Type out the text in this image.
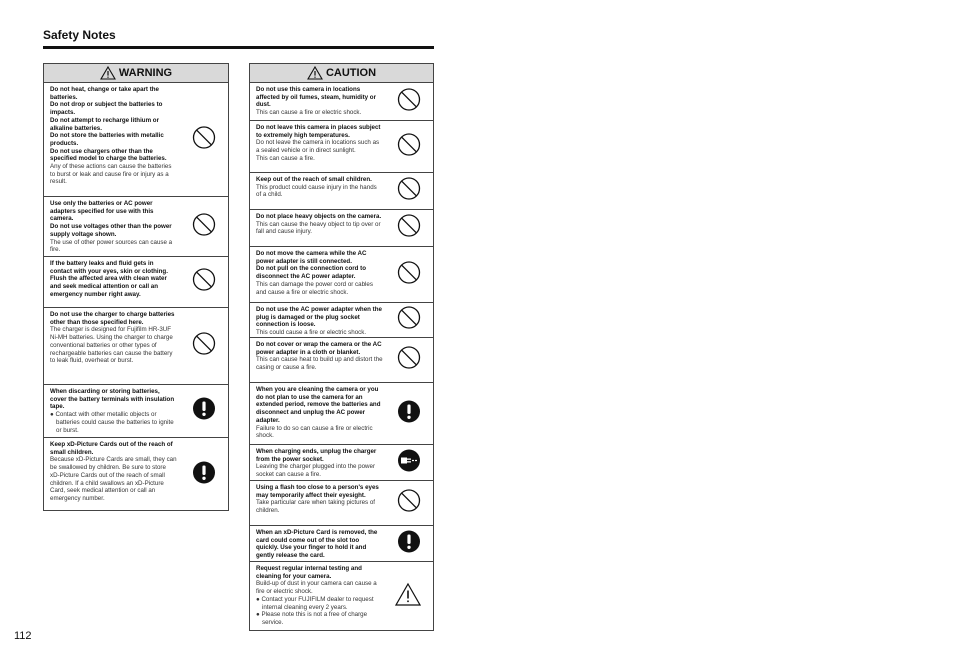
Safety Notes
WARNING
Do not heat, change or take apart the batteries.
Do not drop or subject the batteries to impacts.
Do not attempt to recharge lithium or alkaline batteries.
Do not store the batteries with metallic products.
Do not use chargers other than the specified model to charge the batteries.
Any of these actions can cause the batteries to burst or leak and cause fire or injury as a result.
Use only the batteries or AC power adapters specified for use with this camera.
Do not use voltages other than the power supply voltage shown.
The use of other power sources can cause a fire.
If the battery leaks and fluid gets in contact with your eyes, skin or clothing. Flush the affected area with clean water and seek medical attention or call an emergency number right away.
Do not use the charger to charge batteries other than those specified here.
The charger is designed for Fujifilm HR-3UF Ni-MH batteries. Using the charger to charge conventional batteries or other types of rechargeable batteries can cause the battery to leak fluid, overheat or burst.
When discarding or storing batteries, cover the battery terminals with insulation tape.
● Contact with other metallic objects or batteries could cause the batteries to ignite or burst.
Keep xD-Picture Cards out of the reach of small children.
Because xD-Picture Cards are small, they can be swallowed by children. Be sure to store xD-Picture Cards out of the reach of small children. If a child swallows an xD-Picture Card, seek medical attention or call an emergency number.
CAUTION
Do not use this camera in locations affected by oil fumes, steam, humidity or dust.
This can cause a fire or electric shock.
Do not leave this camera in places subject to extremely high temperatures.
Do not leave the camera in locations such as a sealed vehicle or in direct sunlight.
This can cause a fire.
Keep out of the reach of small children.
This product could cause injury in the hands of a child.
Do not place heavy objects on the camera.
This can cause the heavy object to tip over or fall and cause injury.
Do not move the camera while the AC power adapter is still connected.
Do not pull on the connection cord to disconnect the AC power adapter.
This can damage the power cord or cables and cause a fire or electric shock.
Do not use the AC power adapter when the plug is damaged or the plug socket connection is loose.
This could cause a fire or electric shock.
Do not cover or wrap the camera or the AC power adapter in a cloth or blanket.
This can cause heat to build up and distort the casing or cause a fire.
When you are cleaning the camera or you do not plan to use the camera for an extended period, remove the batteries and disconnect and unplug the AC power adapter.
Failure to do so can cause a fire or electric shock.
When charging ends, unplug the charger from the power socket.
Leaving the charger plugged into the power socket can cause a fire.
Using a flash too close to a person's eyes may temporarily affect their eyesight.
Take particular care when taking pictures of children.
When an xD-Picture Card is removed, the card could come out of the slot too quickly. Use your finger to hold it and gently release the card.
Request regular internal testing and cleaning for your camera.
Build-up of dust in your camera can cause a fire or electric shock.
● Contact your FUJIFILM dealer to request internal cleaning every 2 years.
● Please note this is not a free of charge service.
112
